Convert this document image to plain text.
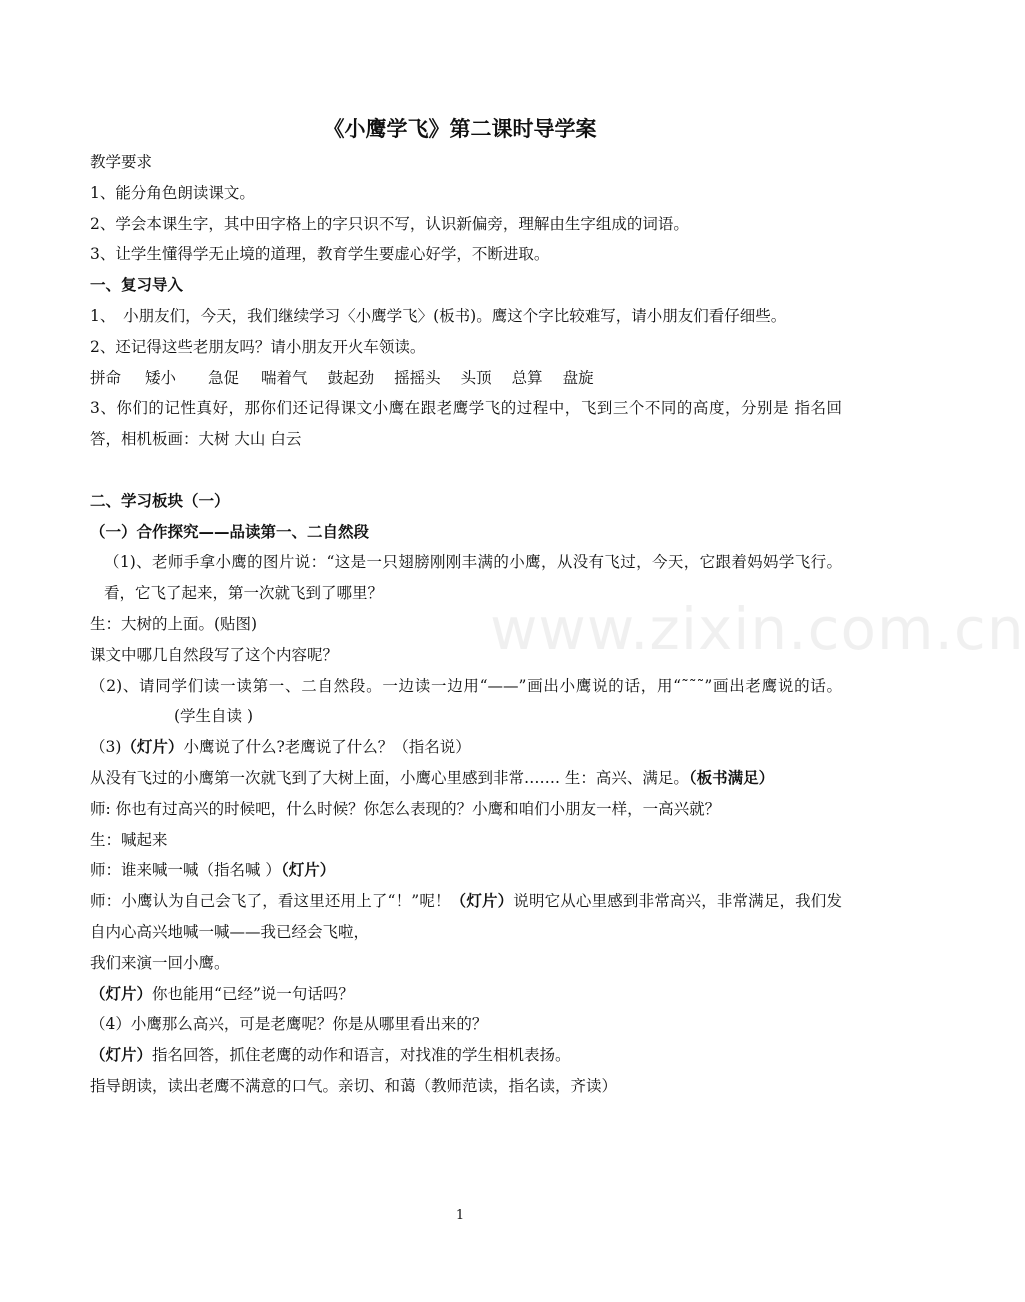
www.zixin.com.cn
《小鹰学飞》第二课时导学案

教学要求

1、能分角色朗读课文。

2、学会本课生字，其中田字格上的字只识不写，认识新偏旁，理解由生字组成的词语。

3、让学生懂得学无止境的道理，教育学生要虚心好学，不断进取。

一、复习导入

1、　小朋友们，今天，我们继续学习〈小鹰学飞〉(板书)。鹰这个字比较难写，请小朋友们看仔细些。

2、还记得这些老朋友吗？请小朋友开火车领读。

拼命 矮小 急促 喘着气 鼓起劲 摇摇头 头顶 总算 盘旋

3、你们的记性真好，那你们还记得课文小鹰在跟老鹰学飞的过程中，飞到三个不同的高度，分别是 指名回答，相机板画：大树 大山 白云

二、学习板块（一）

（一）合作探究——品读第一、二自然段

（1)、老师手拿小鹰的图片说：“这是一只翅膀刚刚丰满的小鹰，从没有飞过，今天，它跟着妈妈学飞行。看，它飞了起来，第一次就飞到了哪里？

生：大树的上面。(贴图)

课文中哪几自然段写了这个内容呢？

（2)、请同学们读一读第一、二自然段。一边读一边用“——”画出小鹰说的话，用“˜˜˜”画出老鹰说的话。(学生自读 )

（3)（灯片）小鹰说了什么?老鹰说了什么？（指名说）

从没有飞过的小鹰第一次就飞到了大树上面，小鹰心里感到非常……. 生：高兴、满足。（板书满足）

师: 你也有过高兴的时候吧，什么时候？你怎么表现的？小鹰和咱们小朋友一样，一高兴就？

生：喊起来

师：谁来喊一喊（指名喊 ）（灯片）

师：小鹰认为自己会飞了，看这里还用上了“！”呢！（灯片）说明它从心里感到非常高兴，非常满足，我们发自内心高兴地喊一喊——我已经会飞啦，

我们来演一回小鹰。

（灯片）你也能用“已经”说一句话吗？

（4）小鹰那么高兴，可是老鹰呢？你是从哪里看出来的？

（灯片）指名回答，抓住老鹰的动作和语言，对找准的学生相机表扬。

指导朗读，读出老鹰不满意的口气。亲切、和蔼（教师范读，指名读，齐读）

1
